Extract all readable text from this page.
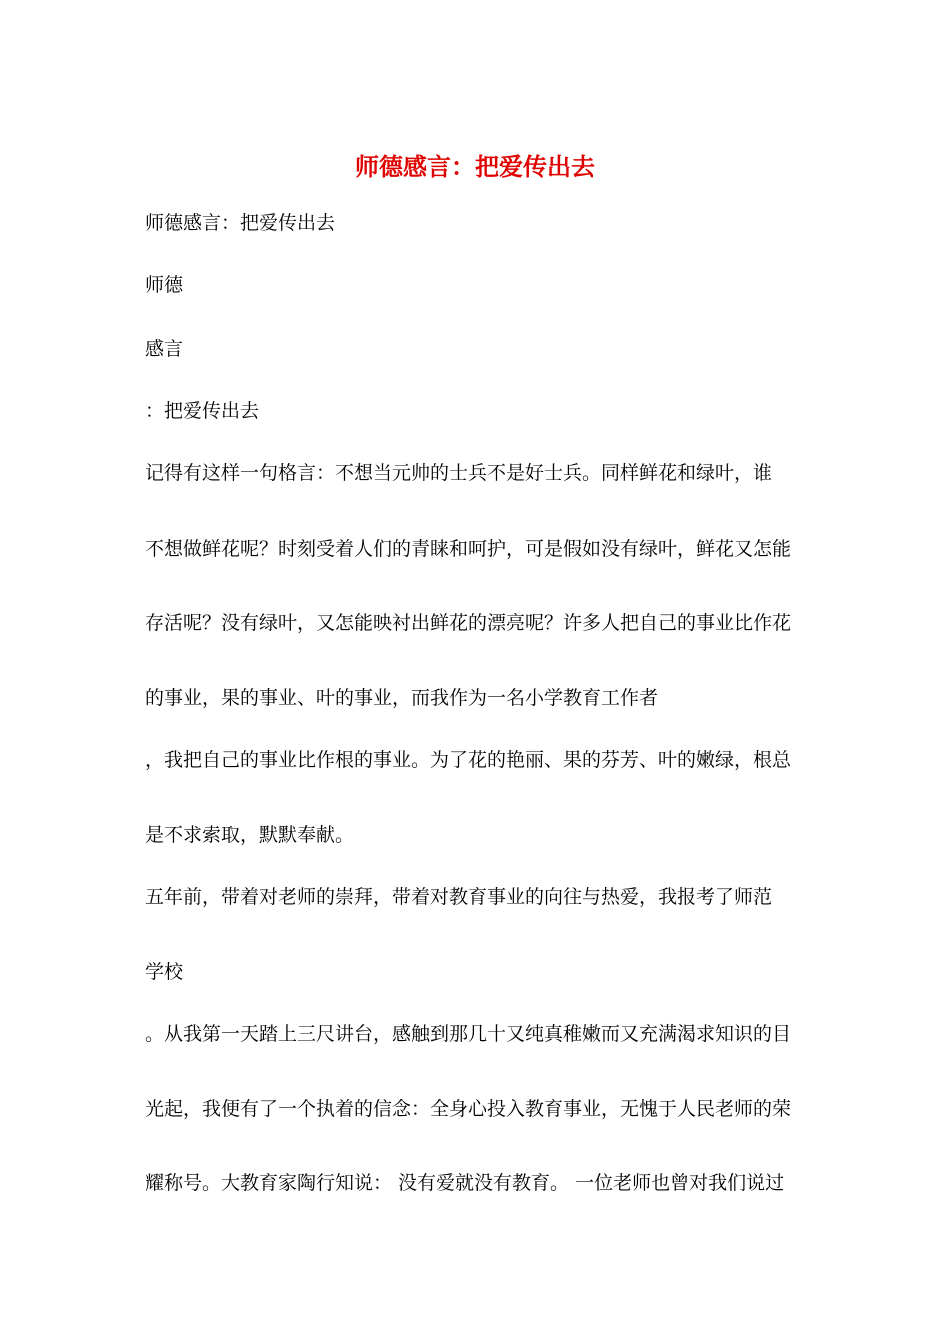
师德感言：把爱传出去
师德感言：把爱传出去
师德
感言
：把爱传出去
记得有这样一句格言：不想当元帅的士兵不是好士兵。同样鲜花和绿叶，谁
不想做鲜花呢？时刻受着人们的青睐和呵护，可是假如没有绿叶，鲜花又怎能
存活呢？没有绿叶，又怎能映衬出鲜花的漂亮呢？许多人把自己的事业比作花
的事业，果的事业、叶的事业，而我作为一名小学教育工作者
，我把自己的事业比作根的事业。为了花的艳丽、果的芬芳、叶的嫩绿，根总
是不求索取，默默奉献。
五年前，带着对老师的崇拜，带着对教育事业的向往与热爱，我报考了师范
学校
。从我第一天踏上三尺讲台，感触到那几十又纯真稚嫩而又充满渴求知识的目
光起，我便有了一个执着的信念：全身心投入教育事业，无愧于人民老师的荣
耀称号。大教育家陶行知说： 没有爱就没有教育。 一位老师也曾对我们说过
